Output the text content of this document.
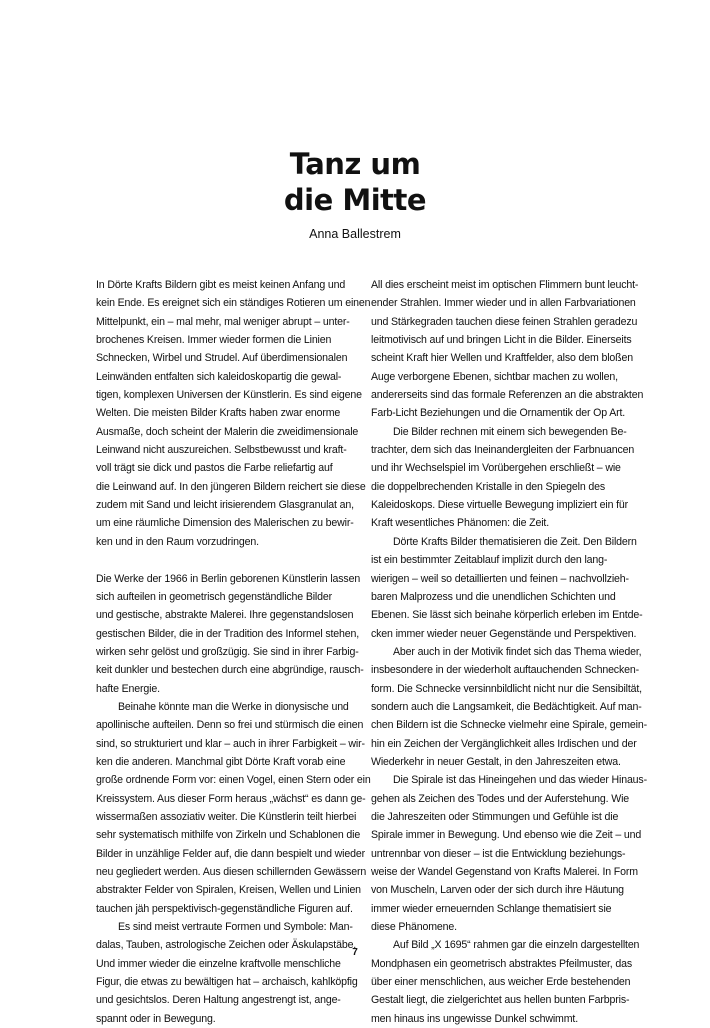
Tanz um
die Mitte
Anna Ballestrem
In Dörte Krafts Bildern gibt es meist keinen Anfang und
kein Ende. Es ereignet sich ein ständiges Rotieren um einen
Mittelpunkt, ein – mal mehr, mal weniger abrupt – unter-
brochenes Kreisen. Immer wieder formen die Linien
Schnecken, Wirbel und Strudel. Auf überdimensionalen
Leinwänden entfalten sich kaleidoskopartig die gewal-
tigen, komplexen Universen der Künstlerin. Es sind eigene
Welten. Die meisten Bilder Krafts haben zwar enorme
Ausmaße, doch scheint der Malerin die zweidimensionale
Leinwand nicht auszureichen. Selbstbewusst und kraft-
voll trägt sie dick und pastos die Farbe reliefartig auf
die Leinwand auf. In den jüngeren Bildern reichert sie diese
zudem mit Sand und leicht irisierendem Glasgranulat an,
um eine räumliche Dimension des Malerischen zu bewir-
ken und in den Raum vorzudringen.
Die Werke der 1966 in Berlin geborenen Künstlerin lassen
sich aufteilen in geometrisch gegenständliche Bilder
und gestische, abstrakte Malerei. Ihre gegenstandslosen
gestischen Bilder, die in der Tradition des Informel stehen,
wirken sehr gelöst und großzügig. Sie sind in ihrer Farbig-
keit dunkler und bestechen durch eine abgründige, rausch-
hafte Energie.
Beinahe könnte man die Werke in dionysische und
apollinische aufteilen. Denn so frei und stürmisch die einen
sind, so strukturiert und klar – auch in ihrer Farbigkeit – wir-
ken die anderen. Manchmal gibt Dörte Kraft vorab eine
große ordnende Form vor: einen Vogel, einen Stern oder ein
Kreissystem. Aus dieser Form heraus „wächst“ es dann ge-
wissermaßen assoziativ weiter. Die Künstlerin teilt hierbei
sehr systematisch mithilfe von Zirkeln und Schablonen die
Bilder in unzählige Felder auf, die dann bespielt und wieder
neu gegliedert werden. Aus diesen schillernden Gewässern
abstrakter Felder von Spiralen, Kreisen, Wellen und Linien
tauchen jäh perspektivisch-gegenständliche Figuren auf.
Es sind meist vertraute Formen und Symbole: Man-
dalas, Tauben, astrologische Zeichen oder Äskulapstäbe.
Und immer wieder die einzelne kraftvolle menschliche
Figur, die etwas zu bewältigen hat – archaisch, kahlköpfig
und gesichtslos. Deren Haltung angestrengt ist, ange-
spannt oder in Bewegung.
All dies erscheint meist im optischen Flimmern bunt leucht-
ender Strahlen. Immer wieder und in allen Farbvariationen
und Stärkegraden tauchen diese feinen Strahlen geradezu
leitmotivisch auf und bringen Licht in die Bilder. Einerseits
scheint Kraft hier Wellen und Kraftfelder, also dem bloßen
Auge verborgene Ebenen, sichtbar machen zu wollen,
andererseits sind das formale Referenzen an die abstrakten
Farb-Licht Beziehungen und die Ornamentik der Op Art.
Die Bilder rechnen mit einem sich bewegenden Be-
trachter, dem sich das Ineinandergleiten der Farbnuancen
und ihr Wechselspiel im Vorübergehen erschließt – wie
die doppelbrechenden Kristalle in den Spiegeln des
Kaleidoskops. Diese virtuelle Bewegung impliziert ein für
Kraft wesentliches Phänomen: die Zeit.
Dörte Krafts Bilder thematisieren die Zeit. Den Bildern
ist ein bestimmter Zeitablauf implizit durch den lang-
wierigen – weil so detaillierten und feinen – nachvollzieh-
baren Malprozess und die unendlichen Schichten und
Ebenen. Sie lässt sich beinahe körperlich erleben im Entde-
cken immer wieder neuer Gegenstände und Perspektiven.
Aber auch in der Motivik findet sich das Thema wieder,
insbesondere in der wiederholt auftauchenden Schnecken-
form. Die Schnecke versinnbildlicht nicht nur die Sensibiltät,
sondern auch die Langsamkeit, die Bedächtigkeit. Auf man-
chen Bildern ist die Schnecke vielmehr eine Spirale, gemein-
hin ein Zeichen der Vergänglichkeit alles Irdischen und der
Wiederkehr in neuer Gestalt, in den Jahreszeiten etwa.
Die Spirale ist das Hineingehen und das wieder Hinaus-
gehen als Zeichen des Todes und der Auferstehung. Wie
die Jahreszeiten oder Stimmungen und Gefühle ist die
Spirale immer in Bewegung. Und ebenso wie die Zeit – und
untrennbar von dieser – ist die Entwicklung beziehungs-
weise der Wandel Gegenstand von Krafts Malerei. In Form
von Muscheln, Larven oder der sich durch ihre Häutung
immer wieder erneuernden Schlange thematisiert sie
diese Phänomene.
Auf Bild „X 1695“ rahmen gar die einzeln dargestellten
Mondphasen ein geometrisch abstraktes Pfeilmuster, das
über einer menschlichen, aus weicher Erde bestehenden
Gestalt liegt, die zielgerichtet aus hellen bunten Farbpris-
men hinaus ins ungewisse Dunkel schwimmt.
7
